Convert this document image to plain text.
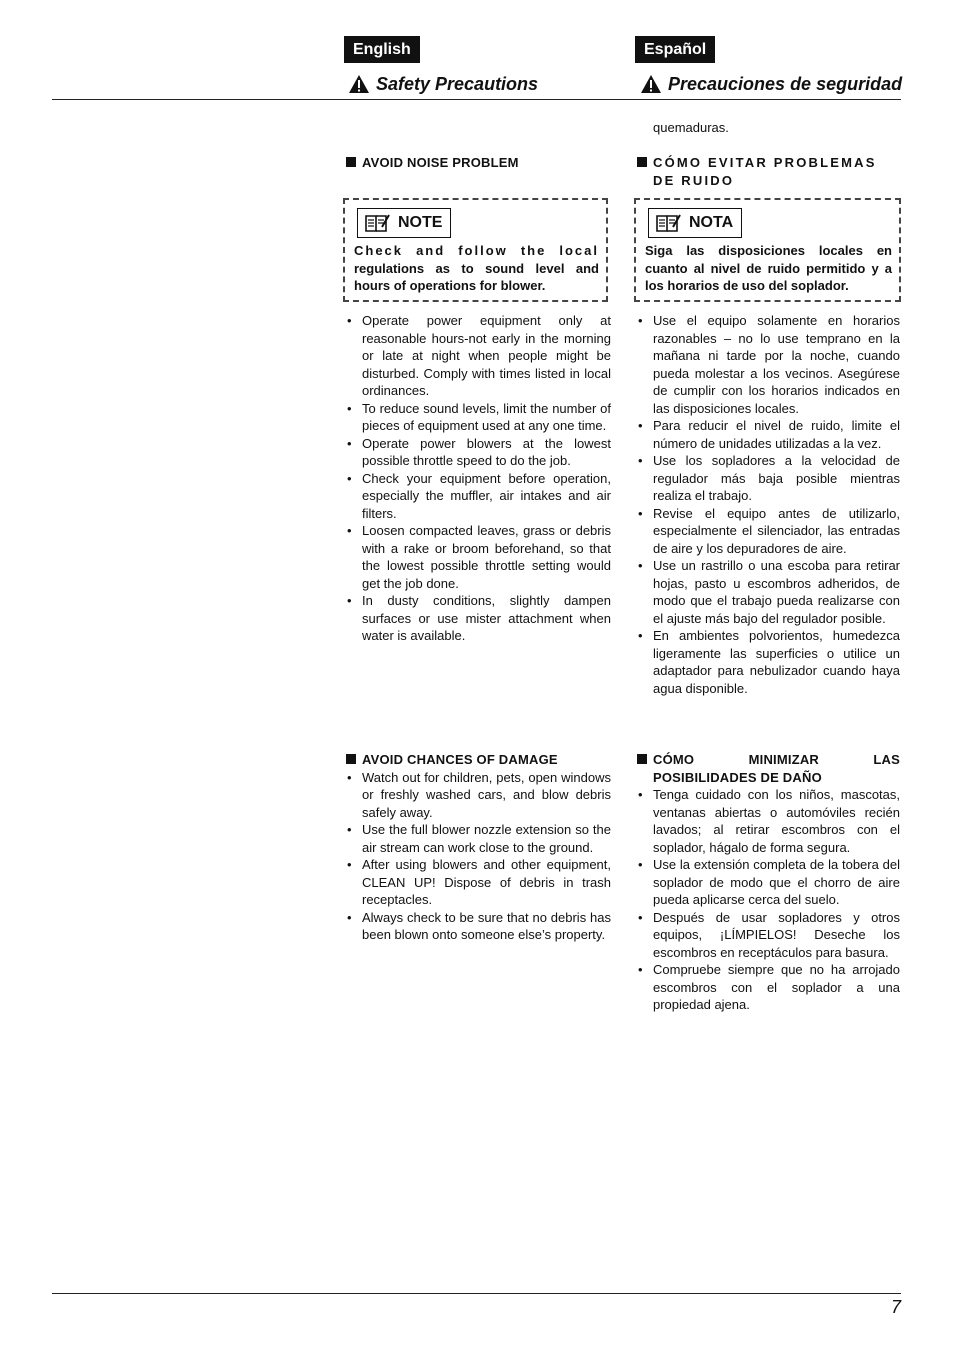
English	Español
Safety Precautions	Precauciones de seguridad
quemaduras.
AVOID NOISE PROBLEM	CÓMO EVITAR PROBLEMAS DE RUIDO
NOTE
Check and follow the local regulations as to sound level and hours of operations for blower.
NOTA
Siga las disposiciones locales en cuanto al nivel de ruido permitido y a los horarios de uso del soplador.
• Operate power equipment only at reasonable hours-not early in the morning or late at night when people might be disturbed. Comply with times listed in local ordinances.
• To reduce sound levels, limit the number of pieces of equipment used at any one time.
• Operate power blowers at the lowest possible throttle speed to do the job.
• Check your equipment before operation, especially the muffler, air intakes and air filters.
• Loosen compacted leaves, grass or debris with a rake or broom beforehand, so that the lowest possible throttle setting would get the job done.
• In dusty conditions, slightly dampen surfaces or use mister attachment when water is available.
• Use el equipo solamente en horarios razonables – no lo use temprano en la mañana ni tarde por la noche, cuando pueda molestar a los vecinos. Asegúrese de cumplir con los horarios indicados en las disposiciones locales.
• Para reducir el nivel de ruido, limite el número de unidades utilizadas a la vez.
• Use los sopladores a la velocidad de regulador más baja posible mientras realiza el trabajo.
• Revise el equipo antes de utilizarlo, especialmente el silenciador, las entradas de aire y los depuradores de aire.
• Use un rastrillo o una escoba para retirar hojas, pasto u escombros adheridos, de modo que el trabajo pueda realizarse con el ajuste más bajo del regulador posible.
• En ambientes polvorientos, humedezca ligeramente las superficies o utilice un adaptador para nebulizador cuando haya agua disponible.
AVOID CHANCES OF DAMAGE
• Watch out for children, pets, open windows or freshly washed cars, and blow debris safely away.
• Use the full blower nozzle extension so the air stream can work close to the ground.
• After using blowers and other equipment, CLEAN UP! Dispose of debris in trash receptacles.
• Always check to be sure that no debris has been blown onto someone else’s property.
CÓMO MINIMIZAR LAS
POSIBILIDADES DE DAÑO
• Tenga cuidado con los niños, mascotas, ventanas abiertas o automóviles recién lavados; al retirar escombros con el soplador, hágalo de forma segura.
• Use la extensión completa de la tobera del soplador de modo que el chorro de aire pueda aplicarse cerca del suelo.
• Después de usar sopladores y otros equipos, ¡LÍMPIELOS! Deseche los escombros en receptáculos para basura.
• Compruebe siempre que no ha arrojado escombros con el soplador a una propiedad ajena.
7
